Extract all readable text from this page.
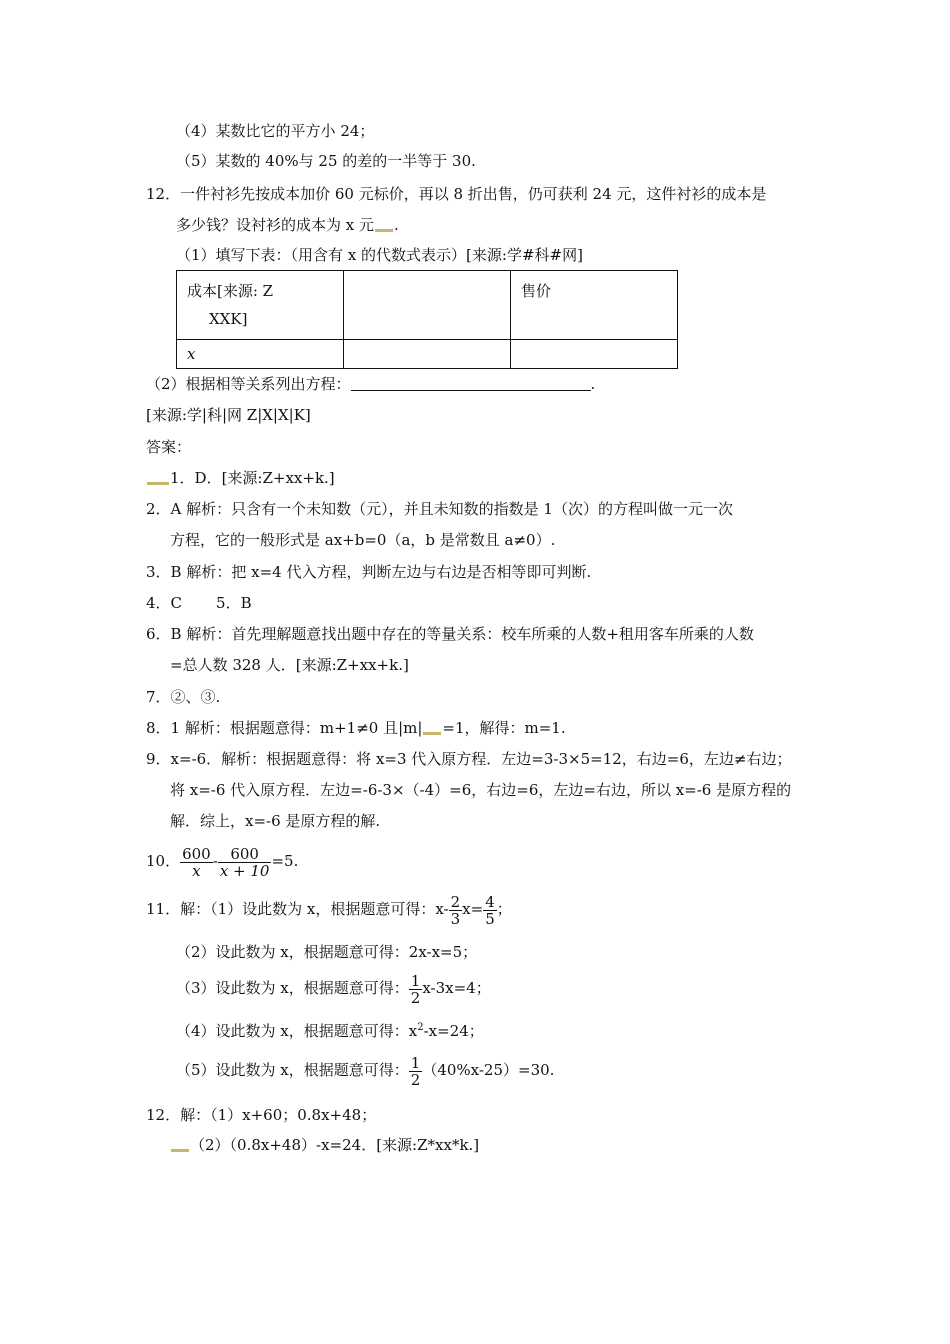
（4）某数比它的平方小 24；
（5）某数的 40%与 25 的差的一半等于 30.
12．一件衬衫先按成本加价 60 元标价，再以 8 折出售，仍可获利 24 元，这件衬衫的成本是
多少钱？设衬衫的成本为 x 元 .
（1）填写下表：（用含有 x 的代数式表示）[来源:学#科#网]
成本[来源: Z
XXK]		售价
x		
（2）根据相等关系列出方程：	.
[来源:学|科|网 Z|X|X|K]
答案：
1．D．[来源:Z+xx+k.]
2．A 解析：只含有一个未知数（元），并且未知数的指数是 1（次）的方程叫做一元一次
方程，它的一般形式是 ax+b=0（a，b 是常数且 a≠0）.
3．B 解析：把 x=4 代入方程，判断左边与右边是否相等即可判断.
4．C 5．B
6．B 解析：首先理解题意找出题中存在的等量关系：校车所乘的人数+租用客车所乘的人数
=总人数 328 人．[来源:Z+xx+k.]
7．②、③.
8．1 解析：根据题意得：m+1≠0 且|m| =1，解得：m=1.
9．x=-6．解析：根据题意得：将 x=3 代入原方程．左边=3-3×5=12，右边=6，左边≠右边；
将 x=-6 代入原方程．左边=-6-3×（-4）=6，右边=6，左边=右边，所以 x=-6 是原方程的
解．综上，x=-6 是原方程的解.
10． $\frac{600}{x} - \frac{600}{x + 10} =5$.
11．解：（1）设此数为 x，根据题意可得：$x- \frac{2}{3} x= \frac{4}{5}$ ；
（2）设此数为 x，根据题意可得：2x-x=5；
（3）设此数为 x，根据题意可得： $\frac{1}{2} x-3x=4$；
（4）设此数为 x，根据题意可得：$x^2-x=24$；
（5）设此数为 x，根据题意可得： $\frac{1}{2} (40\%x-25)=30$.
12．解：（1）x+60；0.8x+48；
（2）（0.8x+48）-x=24．[来源:Z*xx*k.]
